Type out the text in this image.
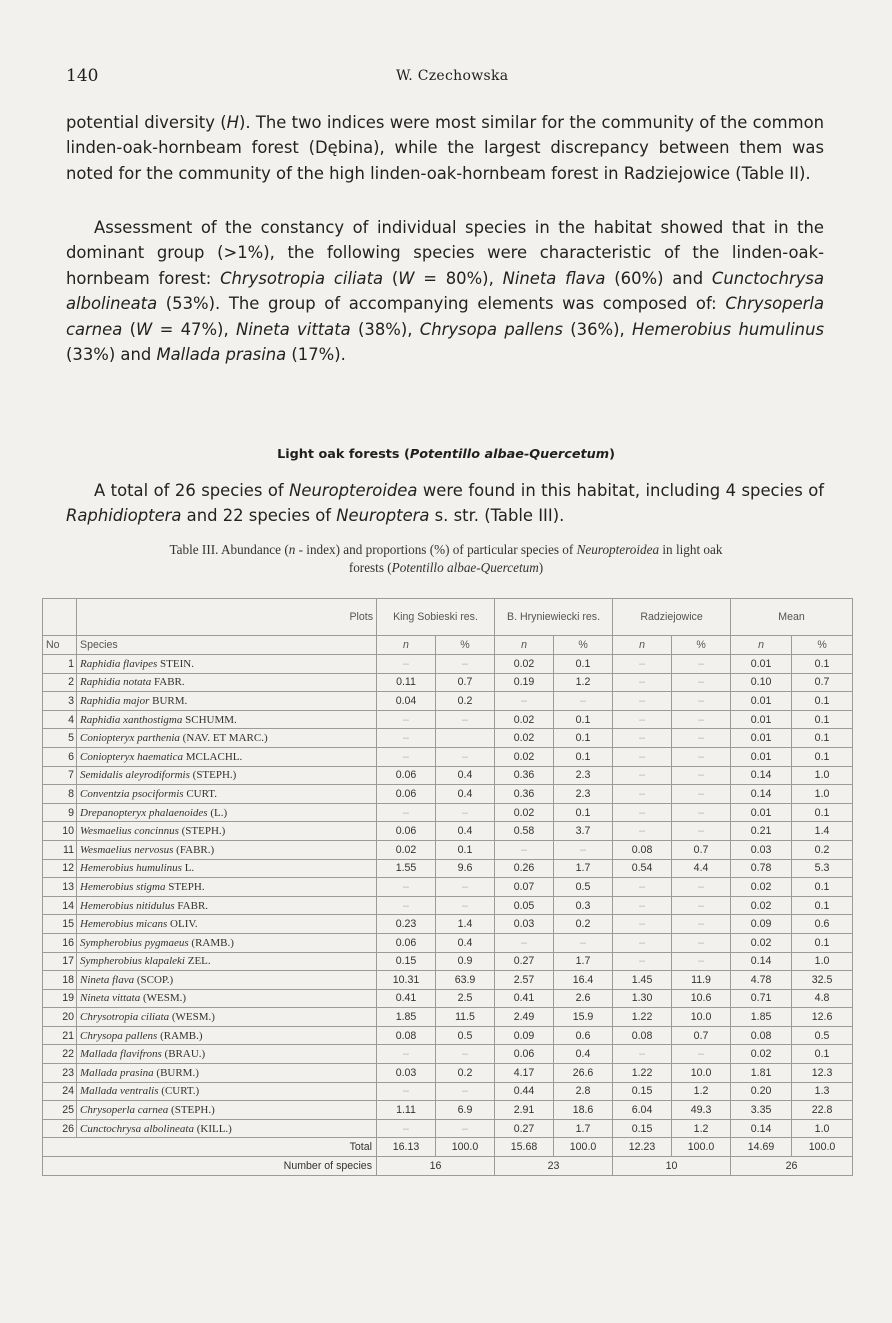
140	W. Czechowska

potential diversity (H). The two indices were most similar for the community of the common linden-oak-hornbeam forest (Dębina), while the largest discrepancy between them was noted for the community of the high linden-oak-hornbeam forest in Radziejowice (Table II).

Assessment of the constancy of individual species in the habitat showed that in the dominant group (>1%), the following species were characteristic of the linden-oak-hornbeam forest: Chrysotropia ciliata (W = 80%), Nineta flava (60%) and Cunctochrysa albolineata (53%). The group of accompanying elements was composed of: Chrysoperla carnea (W = 47%), Nineta vittata (38%), Chrysopa pallens (36%), Hemerobius humulinus (33%) and Mallada prasina (17%).

Light oak forests (Potentillo albae-Quercetum)

A total of 26 species of Neuropteroidea were found in this habitat, including 4 species of Raphidioptera and 22 species of Neuroptera s. str. (Table III).

Table III. Abundance (n - index) and proportions (%) of particular species of Neuropteroidea in light oak
forests (Potentillo albae-Quercetum)
	Plots	King Sobieski res.		B. Hryniewiecki res.		Radziejowice		Mean	
No	Species	n	%	n	%	n	%	n	%
1	Raphidia flavipes STEIN.	–	–	0.02	0.1	–	–	0.01	0.1
2	Raphidia notata FABR.	0.11	0.7	0.19	1.2	–	–	0.10	0.7
3	Raphidia major BURM.	0.04	0.2	–	–	–	–	0.01	0.1
4	Raphidia xanthostigma SCHUMM.	–	–	0.02	0.1	–	–	0.01	0.1
5	Coniopteryx parthenia (NAV. ET MARC.)	–		0.02	0.1	–	–	0.01	0.1
6	Coniopteryx haematica MCLACHL.	–	–	0.02	0.1	–	–	0.01	0.1
7	Semidalis aleyrodiformis (STEPH.)	0.06	0.4	0.36	2.3	–	–	0.14	1.0
8	Conventzia psociformis CURT.	0.06	0.4	0.36	2.3	–	–	0.14	1.0
9	Drepanopteryx phalaenoides (L.)	–	–	0.02	0.1	–	–	0.01	0.1
10	Wesmaelius concinnus (STEPH.)	0.06	0.4	0.58	3.7	–	–	0.21	1.4
11	Wesmaelius nervosus (FABR.)	0.02	0.1	–	–	0.08	0.7	0.03	0.2
12	Hemerobius humulinus L.	1.55	9.6	0.26	1.7	0.54	4.4	0.78	5.3
13	Hemerobius stigma STEPH.	–	–	0.07	0.5	–	–	0.02	0.1
14	Hemerobius nitidulus FABR.	–	–	0.05	0.3	–	–	0.02	0.1
15	Hemerobius micans OLIV.	0.23	1.4	0.03	0.2	–	–	0.09	0.6
16	Sympherobius pygmaeus (RAMB.)	0.06	0.4	–	–	–	–	0.02	0.1
17	Sympherobius klapaleki ZEL.	0.15	0.9	0.27	1.7	–	–	0.14	1.0
18	Nineta flava (SCOP.)	10.31	63.9	2.57	16.4	1.45	11.9	4.78	32.5
19	Nineta vittata (WESM.)	0.41	2.5	0.41	2.6	1.30	10.6	0.71	4.8
20	Chrysotropia ciliata (WESM.)	1.85	11.5	2.49	15.9	1.22	10.0	1.85	12.6
21	Chrysopa pallens (RAMB.)	0.08	0.5	0.09	0.6	0.08	0.7	0.08	0.5
22	Mallada flavifrons (BRAU.)	–	–	0.06	0.4	–	–	0.02	0.1
23	Mallada prasina (BURM.)	0.03	0.2	4.17	26.6	1.22	10.0	1.81	12.3
24	Mallada ventralis (CURT.)	–	–	0.44	2.8	0.15	1.2	0.20	1.3
25	Chrysoperla carnea (STEPH.)	1.11	6.9	2.91	18.6	6.04	49.3	3.35	22.8
26	Cunctochrysa albolineata (KILL.)	–	–	0.27	1.7	0.15	1.2	0.14	1.0
Total		16.13	100.0	15.68	100.0	12.23	100.0	14.69	100.0
Number of species		16		23		10		26	
